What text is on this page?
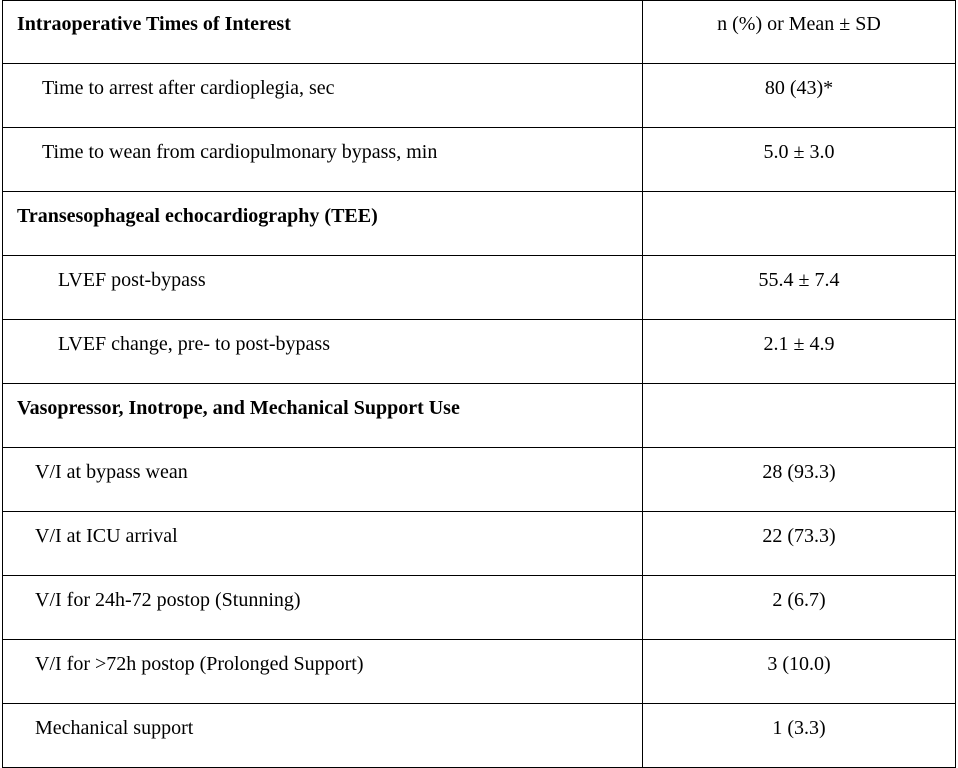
Intraoperative Times of Interest	n (%) or Mean ± SD
Time to arrest after cardioplegia, sec	80 (43)*
Time to wean from cardiopulmonary bypass, min	5.0 ± 3.0
Transesophageal echocardiography (TEE)	
LVEF post-bypass	55.4 ± 7.4
LVEF change, pre- to post-bypass	2.1 ± 4.9
Vasopressor, Inotrope, and Mechanical Support Use	
V/I at bypass wean	28 (93.3)
V/I at ICU arrival	22 (73.3)
V/I for 24h-72 postop (Stunning)	2 (6.7)
V/I for >72h postop (Prolonged Support)	3 (10.0)
Mechanical support	1 (3.3)
